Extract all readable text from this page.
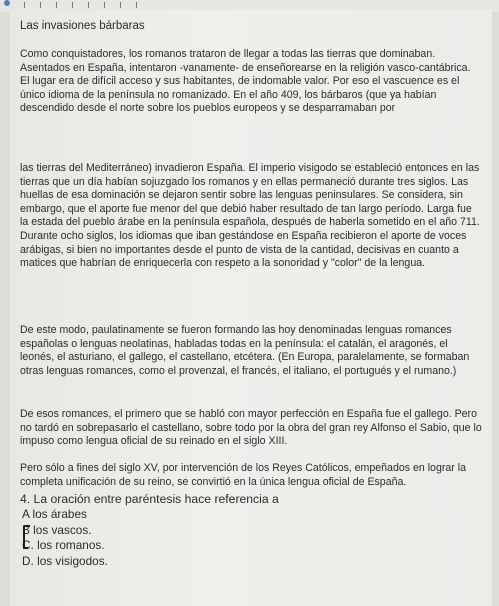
Las invasiones bárbaras

Como conquistadores, los romanos trataron de llegar a todas las tierras que dominaban. Asentados en España, intentaron -vanamente- de enseñorearse en la religión vasco-cantábrica. El lugar era de difícil acceso y sus habitantes, de indomable valor. Por eso el vascuence es el único idioma de la península no romanizado. En el año 409, los bárbaros (que ya habían descendido desde el norte sobre los pueblos europeos y se desparramaban por

las tierras del Mediterráneo) invadieron España. El imperio visigodo se estableció entonces en las tierras que un día habían sojuzgado los romanos y en ellas permaneció durante tres siglos. Las huellas de esa dominación se dejaron sentir sobre las lenguas peninsulares. Se considera, sin embargo, que el aporte fue menor del que debió haber resultado de tan largo período. Larga fue la estada del pueblo árabe en la península española, después de haberla sometido en el año 711. Durante ocho siglos, los idiomas que iban gestándose en España recibieron el aporte de voces arábigas, si bien no importantes desde el punto de vista de la cantidad, decisivas en cuanto a matices que habrían de enriquecerla con respeto a la sonoridad y "color" de la lengua.

De este modo, paulatinamente se fueron formando las hoy denominadas lenguas romances españolas o lenguas neolatinas, habladas todas en la península: el catalán, el aragonés, el leonés, el asturiano, el gallego, el castellano, etcétera. (En Europa, paralelamente, se formaban otras lenguas romances, como el provenzal, el francés, el italiano, el portugués y el rumano.)

De esos romances, el primero que se habló con mayor perfección en España fue el gallego. Pero no tardó en sobrepasarlo el castellano, sobre todo por la obra del gran rey Alfonso el Sabio, que lo impuso como lengua oficial de su reinado en el siglo XIII.

Pero sólo a fines del siglo XV, por intervención de los Reyes Católicos, empeñados en lograr la completa unificación de su reino, se convirtió en la única lengua oficial de España.

4. La oración entre paréntesis hace referencia a
A los árabes
B los vascos.
C. los romanos.
D. los visigodos.
